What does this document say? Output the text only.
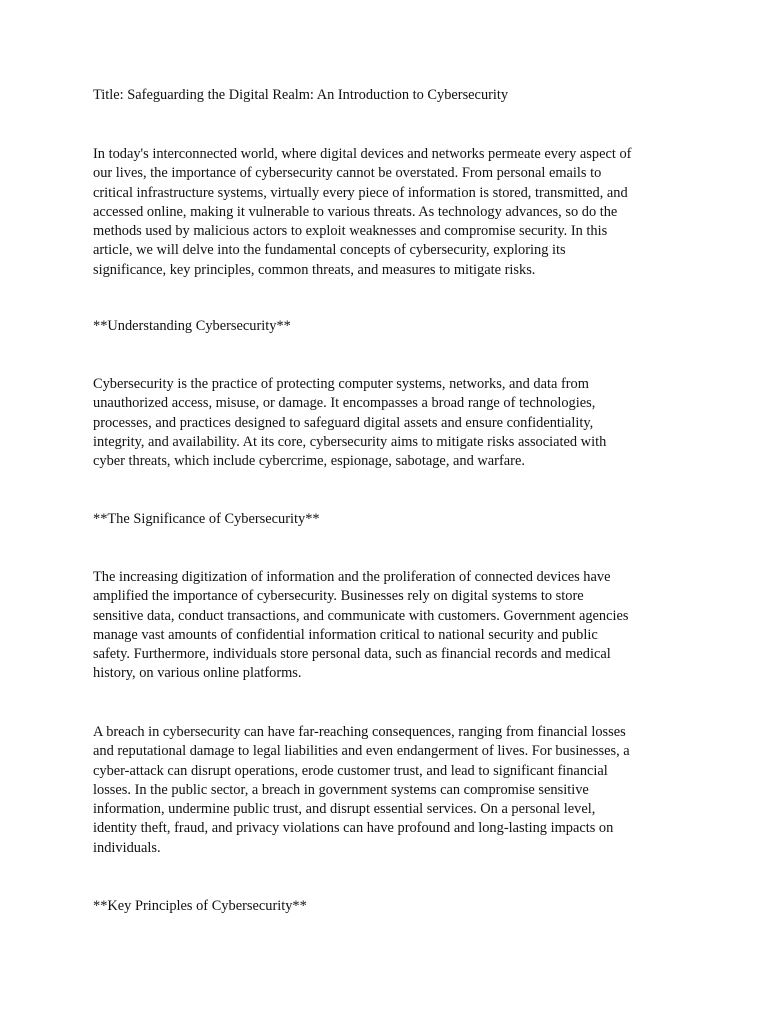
Title: Safeguarding the Digital Realm: An Introduction to Cybersecurity

In today's interconnected world, where digital devices and networks permeate every aspect of
our lives, the importance of cybersecurity cannot be overstated. From personal emails to
critical infrastructure systems, virtually every piece of information is stored, transmitted, and
accessed online, making it vulnerable to various threats. As technology advances, so do the
methods used by malicious actors to exploit weaknesses and compromise security. In this
article, we will delve into the fundamental concepts of cybersecurity, exploring its
significance, key principles, common threats, and measures to mitigate risks.

**Understanding Cybersecurity**

Cybersecurity is the practice of protecting computer systems, networks, and data from
unauthorized access, misuse, or damage. It encompasses a broad range of technologies,
processes, and practices designed to safeguard digital assets and ensure confidentiality,
integrity, and availability. At its core, cybersecurity aims to mitigate risks associated with
cyber threats, which include cybercrime, espionage, sabotage, and warfare.

**The Significance of Cybersecurity**

The increasing digitization of information and the proliferation of connected devices have
amplified the importance of cybersecurity. Businesses rely on digital systems to store
sensitive data, conduct transactions, and communicate with customers. Government agencies
manage vast amounts of confidential information critical to national security and public
safety. Furthermore, individuals store personal data, such as financial records and medical
history, on various online platforms.

A breach in cybersecurity can have far-reaching consequences, ranging from financial losses
and reputational damage to legal liabilities and even endangerment of lives. For businesses, a
cyber-attack can disrupt operations, erode customer trust, and lead to significant financial
losses. In the public sector, a breach in government systems can compromise sensitive
information, undermine public trust, and disrupt essential services. On a personal level,
identity theft, fraud, and privacy violations can have profound and long-lasting impacts on
individuals.

**Key Principles of Cybersecurity**
